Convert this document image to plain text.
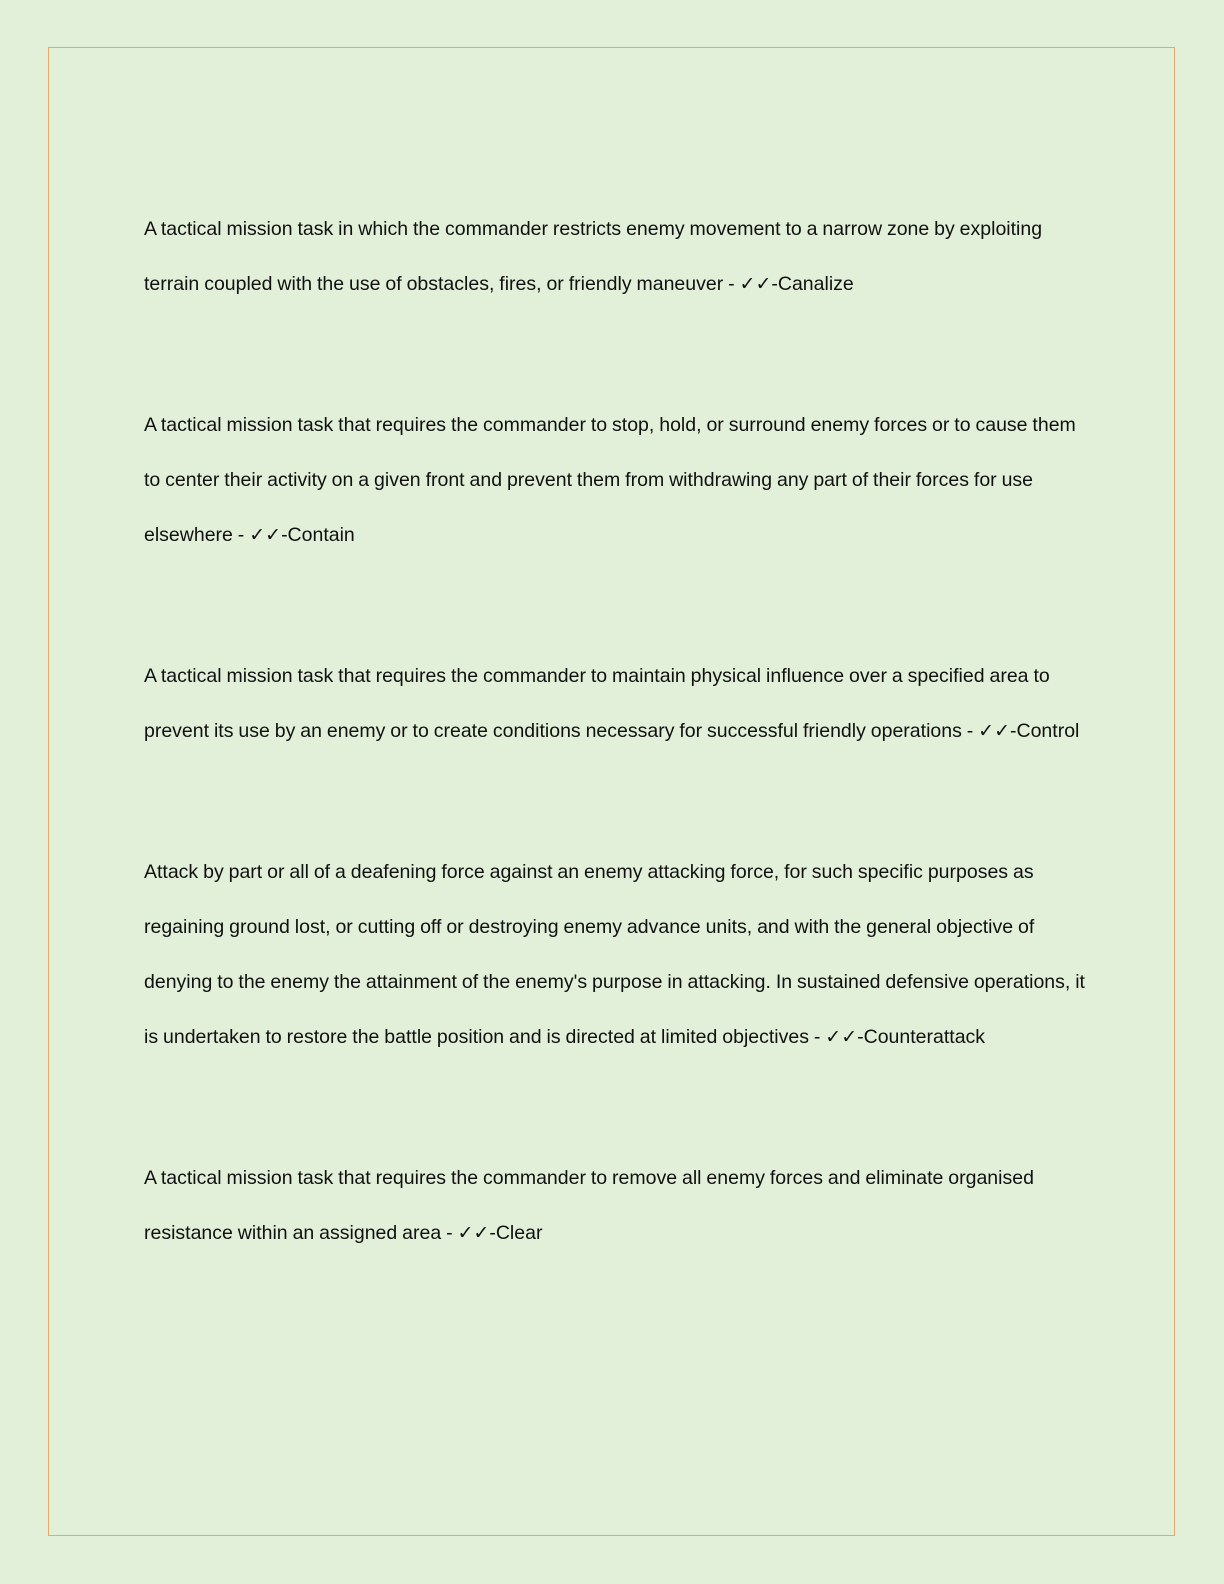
A tactical mission task in which the commander restricts enemy movement to a narrow zone by exploiting terrain coupled with the use of obstacles, fires, or friendly maneuver - ✓✓-Canalize

A tactical mission task that requires the commander to stop, hold, or surround enemy forces or to cause them to center their activity on a given front and prevent them from withdrawing any part of their forces for use elsewhere - ✓✓-Contain

A tactical mission task that requires the commander to maintain physical influence over a specified area to prevent its use by an enemy or to create conditions necessary for successful friendly operations - ✓✓-Control

Attack by part or all of a deafening force against an enemy attacking force, for such specific purposes as regaining ground lost, or cutting off or destroying enemy advance units, and with the general objective of denying to the enemy the attainment of the enemy's purpose in attacking. In sustained defensive operations, it is undertaken to restore the battle position and is directed at limited objectives - ✓✓-Counterattack

A tactical mission task that requires the commander to remove all enemy forces and eliminate organised resistance within an assigned area - ✓✓-Clear
